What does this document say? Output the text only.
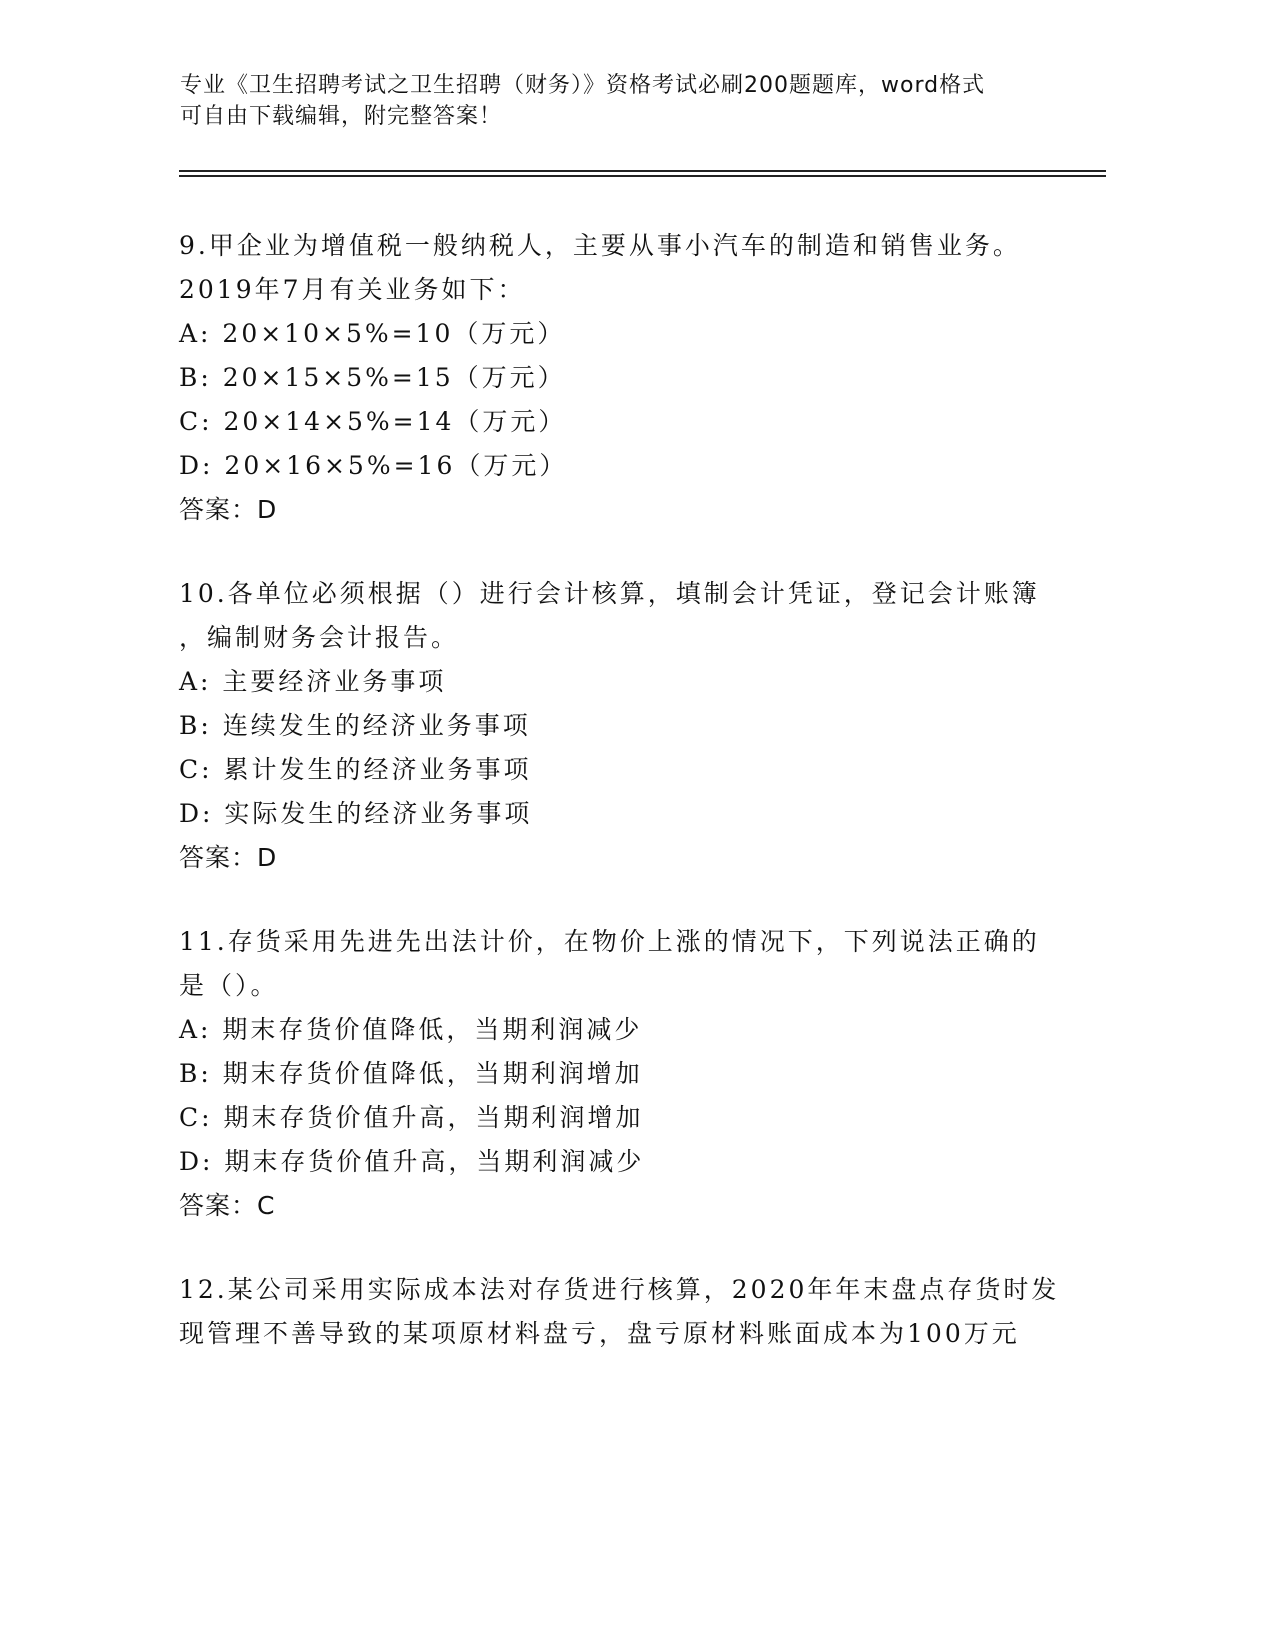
专业《卫生招聘考试之卫生招聘（财务）》资格考试必刷200题题库，word格式
可自由下载编辑，附完整答案！
9.甲企业为增值税一般纳税人，主要从事小汽车的制造和销售业务。
2019年7月有关业务如下：
A: 20×10×5%=10（万元）
B: 20×15×5%=15（万元）
C: 20×14×5%=14（万元）
D: 20×16×5%=16（万元）
答案：D
10.各单位必须根据（）进行会计核算，填制会计凭证，登记会计账簿
，编制财务会计报告。
A: 主要经济业务事项
B: 连续发生的经济业务事项
C: 累计发生的经济业务事项
D: 实际发生的经济业务事项
答案：D
11.存货采用先进先出法计价，在物价上涨的情况下，下列说法正确的
是（）。
A: 期末存货价值降低，当期利润减少
B: 期末存货价值降低，当期利润增加
C: 期末存货价值升高，当期利润增加
D: 期末存货价值升高，当期利润减少
答案：C
12.某公司采用实际成本法对存货进行核算，2020年年末盘点存货时发
现管理不善导致的某项原材料盘亏，盘亏原材料账面成本为100万元
